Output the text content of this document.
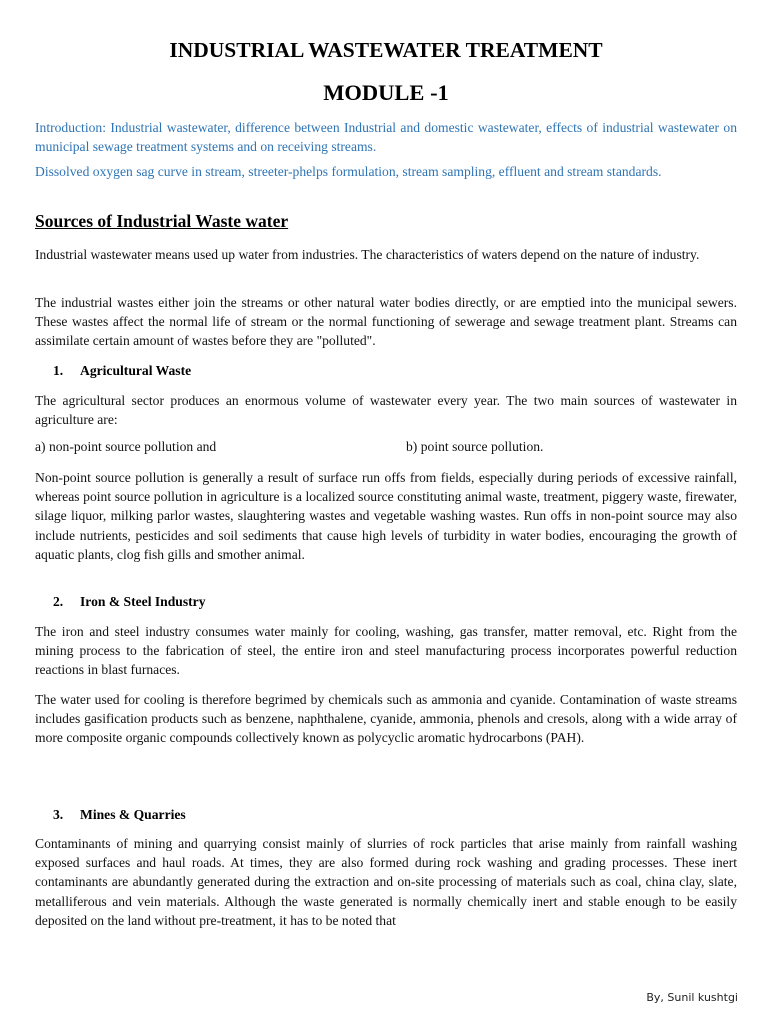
INDUSTRIAL WASTEWATER TREATMENT
MODULE -1

Introduction: Industrial wastewater, difference between Industrial and domestic wastewater, effects of industrial wastewater on municipal sewage treatment systems and on receiving streams.

Dissolved oxygen sag curve in stream, streeter-phelps formulation, stream sampling, effluent and stream standards.

Sources of Industrial Waste water

Industrial wastewater means used up water from industries. The characteristics of waters depend on the nature of industry.

The industrial wastes either join the streams or other natural water bodies directly, or are emptied into the municipal sewers. These wastes affect the normal life of stream or the normal functioning of sewerage and sewage treatment plant. Streams can assimilate certain amount of wastes before they are "polluted".

1. Agricultural Waste

The agricultural sector produces an enormous volume of wastewater every year. The two main sources of wastewater in agriculture are:

a) non-point source pollution and	b) point source pollution.

Non-point source pollution is generally a result of surface run offs from fields, especially during periods of excessive rainfall, whereas point source pollution in agriculture is a localized source constituting animal waste, treatment, piggery waste, firewater, silage liquor, milking parlor wastes, slaughtering wastes and vegetable washing wastes. Run offs in non-point source may also include nutrients, pesticides and soil sediments that cause high levels of turbidity in water bodies, encouraging the growth of aquatic plants, clog fish gills and smother animal.

2. Iron & Steel Industry

The iron and steel industry consumes water mainly for cooling, washing, gas transfer, matter removal, etc. Right from the mining process to the fabrication of steel, the entire iron and steel manufacturing process incorporates powerful reduction reactions in blast furnaces.

The water used for cooling is therefore begrimed by chemicals such as ammonia and cyanide. Contamination of waste streams includes gasification products such as benzene, naphthalene, cyanide, ammonia, phenols and cresols, along with a wide array of more composite organic compounds collectively known as polycyclic aromatic hydrocarbons (PAH).

3. Mines & Quarries

Contaminants of mining and quarrying consist mainly of slurries of rock particles that arise mainly from rainfall washing exposed surfaces and haul roads. At times, they are also formed during rock washing and grading processes. These inert contaminants are abundantly generated during the extraction and on-site processing of materials such as coal, china clay, slate, metalliferous and vein materials. Although the waste generated is normally chemically inert and stable enough to be easily deposited on the land without pre-treatment, it has to be noted that

By, Sunil kushtgi
